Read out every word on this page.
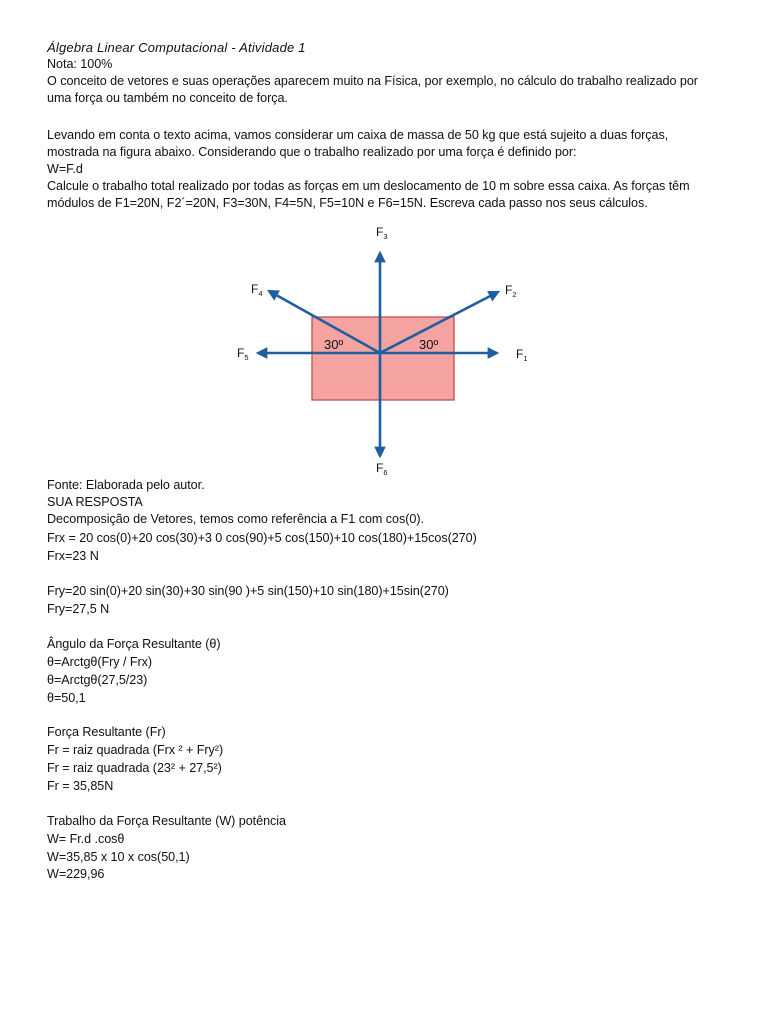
Álgebra Linear Computacional - Atividade 1
Nota: 100%
O conceito de vetores e suas operações aparecem muito na Física, por exemplo, no cálculo do trabalho realizado por
uma força ou também no conceito de força.
Levando em conta o texto acima, vamos considerar um caixa de massa de 50 kg que está sujeito a duas forças,
mostrada na figura abaixo. Considerando que o trabalho realizado por uma força é definido por:
W=F.d
Calcule o trabalho total realizado por todas as forças em um deslocamento de 10 m sobre essa caixa. As forças têm
módulos de F1=20N, F2´=20N, F3=30N, F4=5N, F5=10N e F6=15N. Escreva cada passo nos seus cálculos.
30º	30º
$F_1$
$F_2$
$F_3$
$F_4$
$F_5$
$F_6$
Fonte: Elaborada pelo autor.
SUA RESPOSTA
Decomposição de Vetores, temos como referência a F1 com cos(0).
Frx = 20 cos(0)+20 cos(30)+3 0 cos(90)+5 cos(150)+10 cos(180)+15cos(270)
Frx=23 N
Fry=20 sin(0)+20 sin(30)+30 sin(90 )+5 sin(150)+10 sin(180)+15sin(270)
Fry=27,5 N
Ângulo da Força Resultante (θ)
θ=Arctgθ(Fry / Frx)
θ=Arctgθ(27,5/23)
θ=50,1
Força Resultante (Fr)
Fr = raiz quadrada (Frx ² + Fry²)
Fr = raiz quadrada (23² + 27,5²)
Fr = 35,85N
Trabalho da Força Resultante (W) potência
W= Fr.d .cosθ
W=35,85 x 10 x cos(50,1)
W=229,96
